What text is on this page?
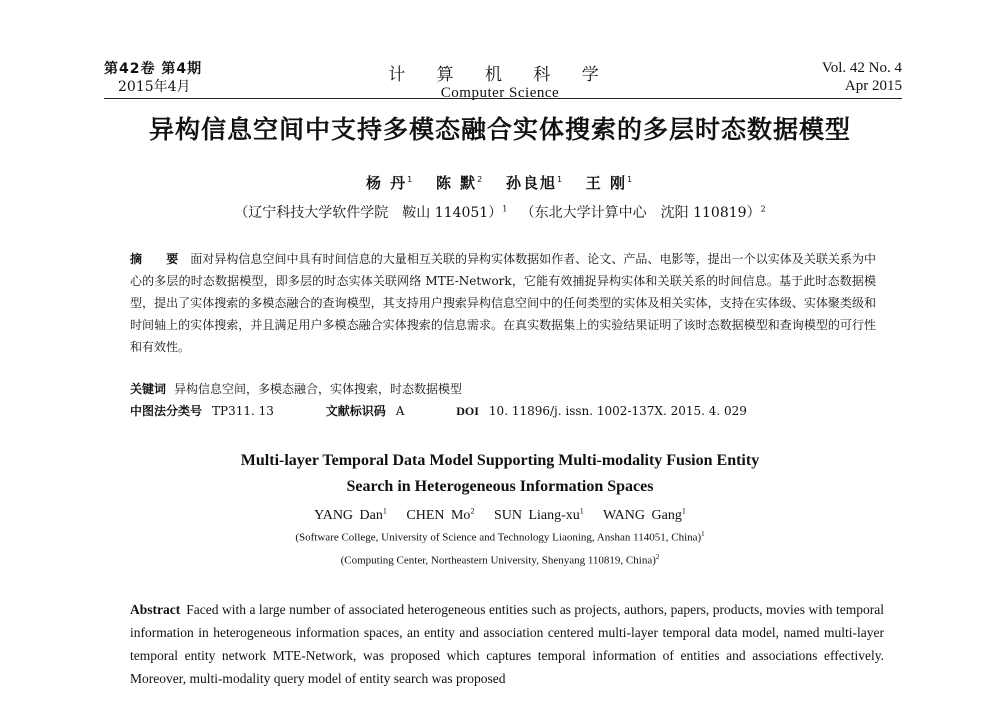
第42卷 第4期
2015年4月
计 算 机 科 学
Computer Science
Vol. 42 No. 4
Apr 2015
异构信息空间中支持多模态融合实体搜索的多层时态数据模型
杨 丹$^1$ 陈 默$^2$ 孙良旭$^1$ 王 刚$^1$
（辽宁科技大学软件学院　鞍山 114051）$^1$ （东北大学计算中心　沈阳 110819）$^2$
摘 要 面对异构信息空间中具有时间信息的大量相互关联的异构实体数据如作者、论文、产品、电影等，提出一个以实体及关联关系为中心的多层的时态数据模型，即多层的时态实体关联网络 MTE-Network，它能有效捕捉异构实体和关联关系的时间信息。基于此时态数据模型，提出了实体搜索的多模态融合的查询模型，其支持用户搜索异构信息空间中的任何类型的实体及相关实体，支持在实体级、实体聚类级和时间轴上的实体搜索，并且满足用户多模态融合实体搜索的信息需求。在真实数据集上的实验结果证明了该时态数据模型和查询模型的可行性和有效性。
关键词 异构信息空间，多模态融合，实体搜索，时态数据模型
中图法分类号 TP311. 13	文献标识码 A	DOI 10. 11896/j. issn. 1002-137X. 2015. 4. 029
Multi-layer Temporal Data Model Supporting Multi-modality Fusion Entity
Search in Heterogeneous Information Spaces
YANG Dan$^1$ CHEN Mo$^2$ SUN Liang-$xu^1$ WANG Gang$^1$
(Software College, University of Science and Technology Liaoning, Anshan 114051, China)$^1$
(Computing Center, Northeastern University, Shenyang 110819, China)$^2$
Abstract Faced with a large number of associated heterogeneous entities such as projects, authors, papers, products, movies with temporal information in heterogeneous information spaces, an entity and association centered multi-layer temporal data model, named multi-layer temporal entity network MTE-Network, was proposed which captures temporal information of entities and associations effectively. Moreover, multi-modality query model of entity search was proposed
